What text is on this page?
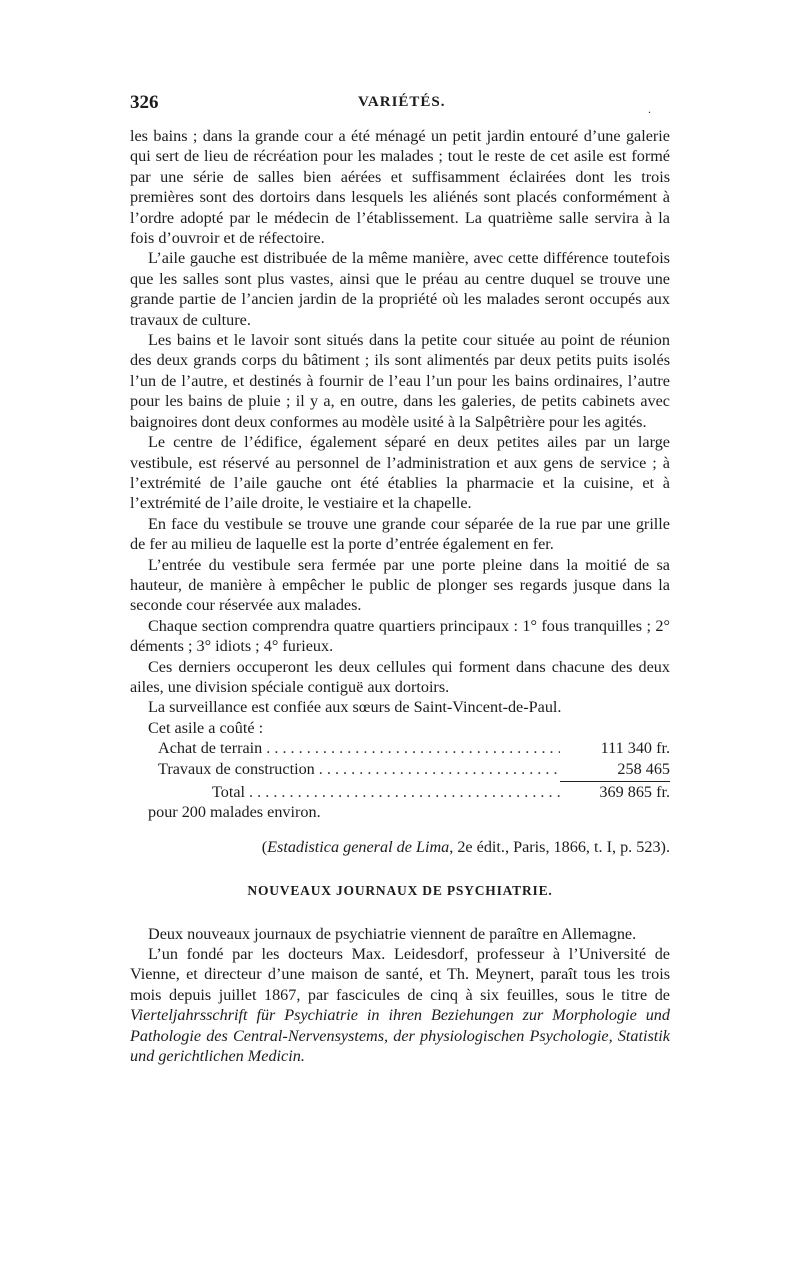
326	VARIÉTÉS.	.

les bains ; dans la grande cour a été ménagé un petit jardin entouré d’une galerie qui sert de lieu de récréation pour les malades ; tout le reste de cet asile est formé par une série de salles bien aérées et suffisamment éclairées dont les trois premières sont des dortoirs dans lesquels les aliénés sont placés conformément à l’ordre adopté par le médecin de l’établissement. La quatrième salle servira à la fois d’ouvroir et de réfectoire.

L’aile gauche est distribuée de la même manière, avec cette différence toutefois que les salles sont plus vastes, ainsi que le préau au centre duquel se trouve une grande partie de l’ancien jardin de la propriété où les malades seront occupés aux travaux de culture.

Les bains et le lavoir sont situés dans la petite cour située au point de réunion des deux grands corps du bâtiment ; ils sont alimentés par deux petits puits isolés l’un de l’autre, et destinés à fournir de l’eau l’un pour les bains ordinaires, l’autre pour les bains de pluie ; il y a, en outre, dans les galeries, de petits cabinets avec baignoires dont deux conformes au modèle usité à la Salpêtrière pour les agités.

Le centre de l’édifice, également séparé en deux petites ailes par un large vestibule, est réservé au personnel de l’administration et aux gens de service ; à l’extrémité de l’aile gauche ont été établies la pharmacie et la cuisine, et à l’extrémité de l’aile droite, le vestiaire et la chapelle.

En face du vestibule se trouve une grande cour séparée de la rue par une grille de fer au milieu de laquelle est la porte d’entrée également en fer.

L’entrée du vestibule sera fermée par une porte pleine dans la moitié de sa hauteur, de manière à empêcher le public de plonger ses regards jusque dans la seconde cour réservée aux malades.

Chaque section comprendra quatre quartiers principaux : 1° fous tranquilles ; 2° déments ; 3° idiots ; 4° furieux.

Ces derniers occuperont les deux cellules qui forment dans chacune des deux ailes, une division spéciale contiguë aux dortoirs.

La surveillance est confiée aux sœurs de Saint-Vincent-de-Paul.

Cet asile a coûté :

Achat de terrain . . .	111 340 fr.
Travaux de construction . . .	258 465
Total . . .	369 865 fr.

pour 200 malades environ.

(Estadistica general de Lima, 2e édit., Paris, 1866, t. I, p. 523).
NOUVEAUX JOURNAUX DE PSYCHIATRIE.

Deux nouveaux journaux de psychiatrie viennent de paraître en Allemagne.

L’un fondé par les docteurs Max. Leidesdorf, professeur à l’Université de Vienne, et directeur d’une maison de santé, et Th. Meynert, paraît tous les trois mois depuis juillet 1867, par fascicules de cinq à six feuilles, sous le titre de Vierteljahrsschrift für Psychiatrie in ihren Beziehungen zur Morphologie und Pathologie des Central-Nervensystems, der physiologischen Psychologie, Statistik und gerichtlichen Medicin.
